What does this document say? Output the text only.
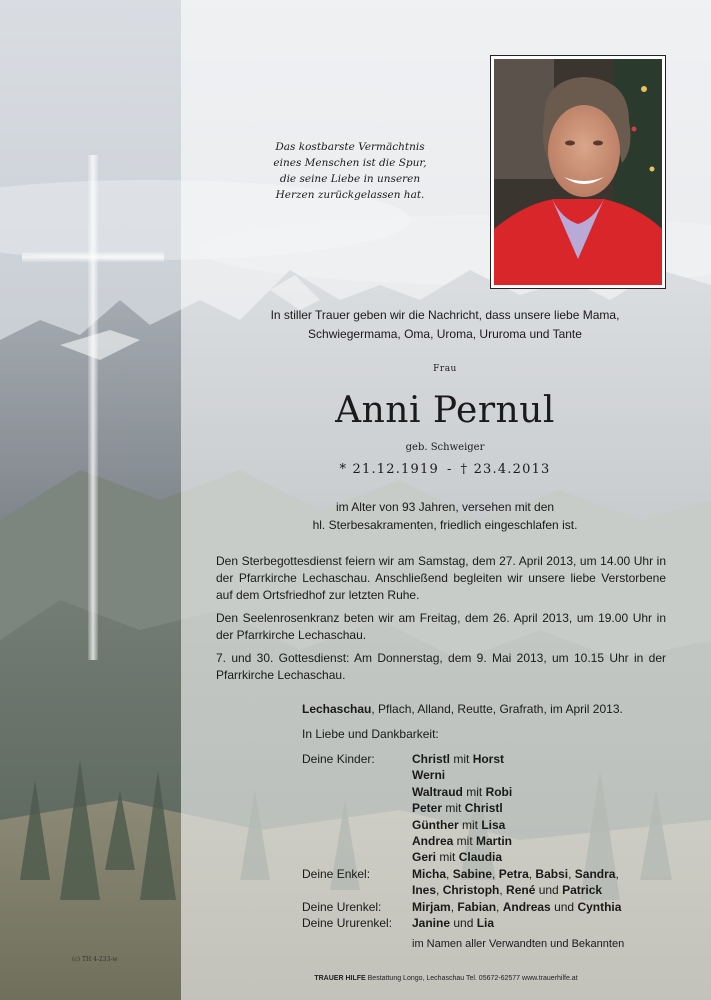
Das kostbarste Vermächtnis
eines Menschen ist die Spur,
die seine Liebe in unseren
Herzen zurückgelassen hat.
In stiller Trauer geben wir die Nachricht, dass unsere liebe Mama,
Schwiegermama, Oma, Uroma, Ururoma und Tante
Frau
Anni Pernul
geb. Schweiger
* 21.12.1919 - † 23.4.2013
im Alter von 93 Jahren, versehen mit den
hl. Sterbesakramenten, friedlich eingeschlafen ist.
Den Sterbegottesdienst feiern wir am Samstag, dem 27. April 2013, um 14.00 Uhr in der Pfarrkirche Lechaschau. Anschließend begleiten wir unsere liebe Verstorbene auf dem Ortsfriedhof zur letzten Ruhe.
Den Seelenrosenkranz beten wir am Freitag, dem 26. April 2013, um 19.00 Uhr in der Pfarrkirche Lechaschau.
7. und 30. Gottesdienst: Am Donnerstag, dem 9. Mai 2013, um 10.15 Uhr in der Pfarrkirche Lechaschau.
Lechaschau, Pflach, Alland, Reutte, Grafrath, im April 2013.
In Liebe und Dankbarkeit:
Deine Kinder:	Christl mit Horst
Werni
Waltraud mit Robi
Peter mit Christl
Günther mit Lisa
Andrea mit Martin
Geri mit Claudia
Deine Enkel:	Micha, Sabine, Petra, Babsi, Sandra,
Ines, Christoph, René und Patrick
Deine Urenkel:	Mirjam, Fabian, Andreas und Cynthia
Deine Ururenkel:	Janine und Lia
im Namen aller Verwandten und Bekannten
(c) TH 4-233-w
TRAUER HILFE Bestattung Longo, Lechaschau Tel. 05672-62577 www.trauerhilfe.at
